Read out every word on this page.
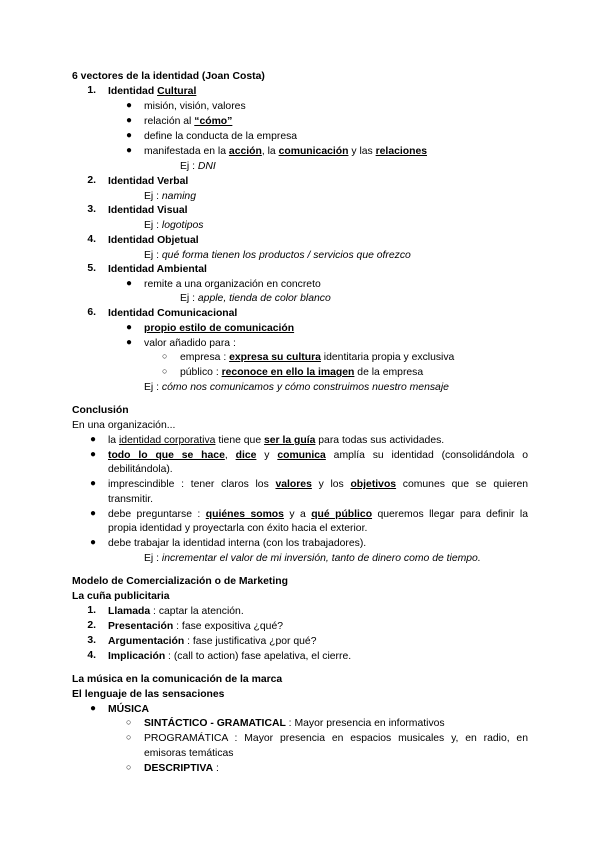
6 vectores de la identidad (Joan Costa)
1. Identidad Cultural
● misión, visión, valores
● relación al “cómo”
● define la conducta de la empresa
● manifestada en la acción, la comunicación y las relaciones
Ej : DNI
2. Identidad Verbal
Ej : naming
3. Identidad Visual
Ej : logotipos
4. Identidad Objetual
Ej : qué forma tienen los productos / servicios que ofrezco
5. Identidad Ambiental
● remite a una organización en concreto
Ej : apple, tienda de color blanco
6. Identidad Comunicacional
● propio estilo de comunicación
● valor añadido para :
○ empresa : expresa su cultura identitaria propia y exclusiva
○ público : reconoce en ello la imagen de la empresa
Ej : cómo nos comunicamos y cómo construimos nuestro mensaje
Conclusión
En una organización...
● la identidad corporativa tiene que ser la guía para todas sus actividades.
● todo lo que se hace, dice y comunica amplía su identidad (consolidándola o
debilitándola).
● imprescindible : tener claros los valores y los objetivos comunes que se quieren
transmitir.
● debe preguntarse : quiénes somos y a qué público queremos llegar para definir la
propia identidad y proyectarla con éxito hacia el exterior.
● debe trabajar la identidad interna (con los trabajadores).
Ej : incrementar el valor de mi inversión, tanto de dinero como de tiempo.
Modelo de Comercialización o de Marketing
La cuña publicitaria
1. Llamada : captar la atención.
2. Presentación : fase expositiva ¿qué?
3. Argumentación : fase justificativa ¿por qué?
4. Implicación : (call to action) fase apelativa, el cierre.
La música en la comunicación de la marca
El lenguaje de las sensaciones
● MÚSICA
○ SINTÁCTICO - GRAMATICAL : Mayor presencia en informativos
○ PROGRAMÁTICA : Mayor presencia en espacios musicales y, en radio, en
emisoras temáticas
○ DESCRIPTIVA :
